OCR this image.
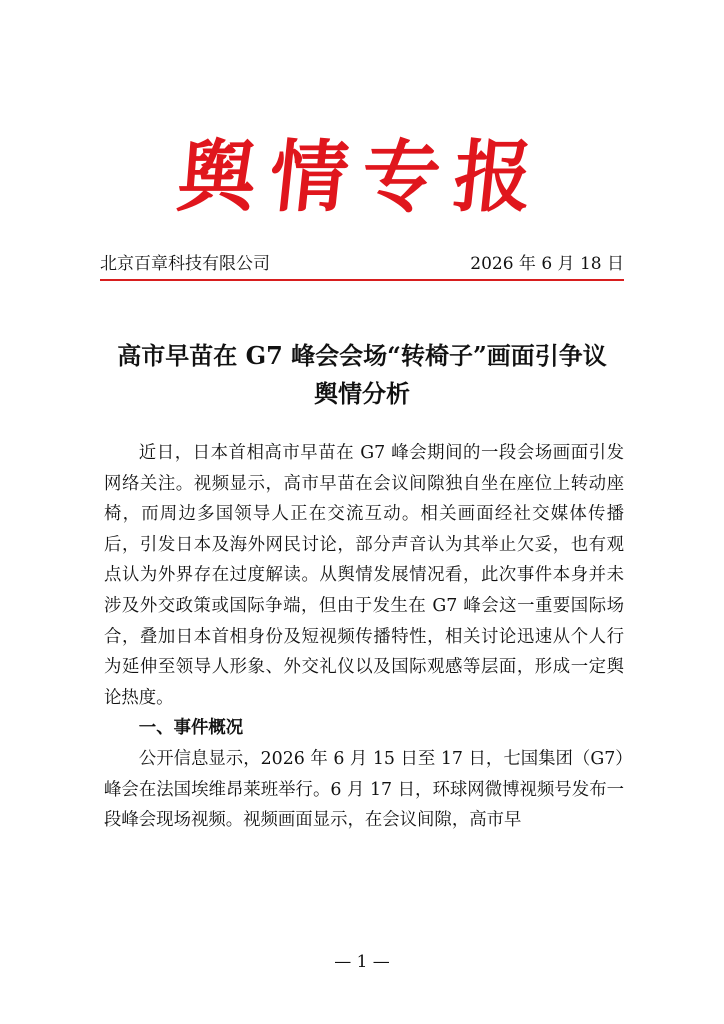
舆情专报
北京百章科技有限公司	2026 年 6 月 18 日
高市早苗在 G7 峰会会场“转椅子”画面引争议
舆情分析

近日，日本首相高市早苗在 G7 峰会期间的一段会场画面引发网络关注。视频显示，高市早苗在会议间隙独自坐在座位上转动座椅，而周边多国领导人正在交流互动。相关画面经社交媒体传播后，引发日本及海外网民讨论，部分声音认为其举止欠妥，也有观点认为外界存在过度解读。从舆情发展情况看，此次事件本身并未涉及外交政策或国际争端，但由于发生在 G7 峰会这一重要国际场合，叠加日本首相身份及短视频传播特性，相关讨论迅速从个人行为延伸至领导人形象、外交礼仪以及国际观感等层面，形成一定舆论热度。

一、事件概况

公开信息显示，2026 年 6 月 15 日至 17 日，七国集团（G7）峰会在法国埃维昂莱班举行。6 月 17 日，环球网微博视频号发布一段峰会现场视频。视频画面显示，在会议间隙，高市早

— 1 —
